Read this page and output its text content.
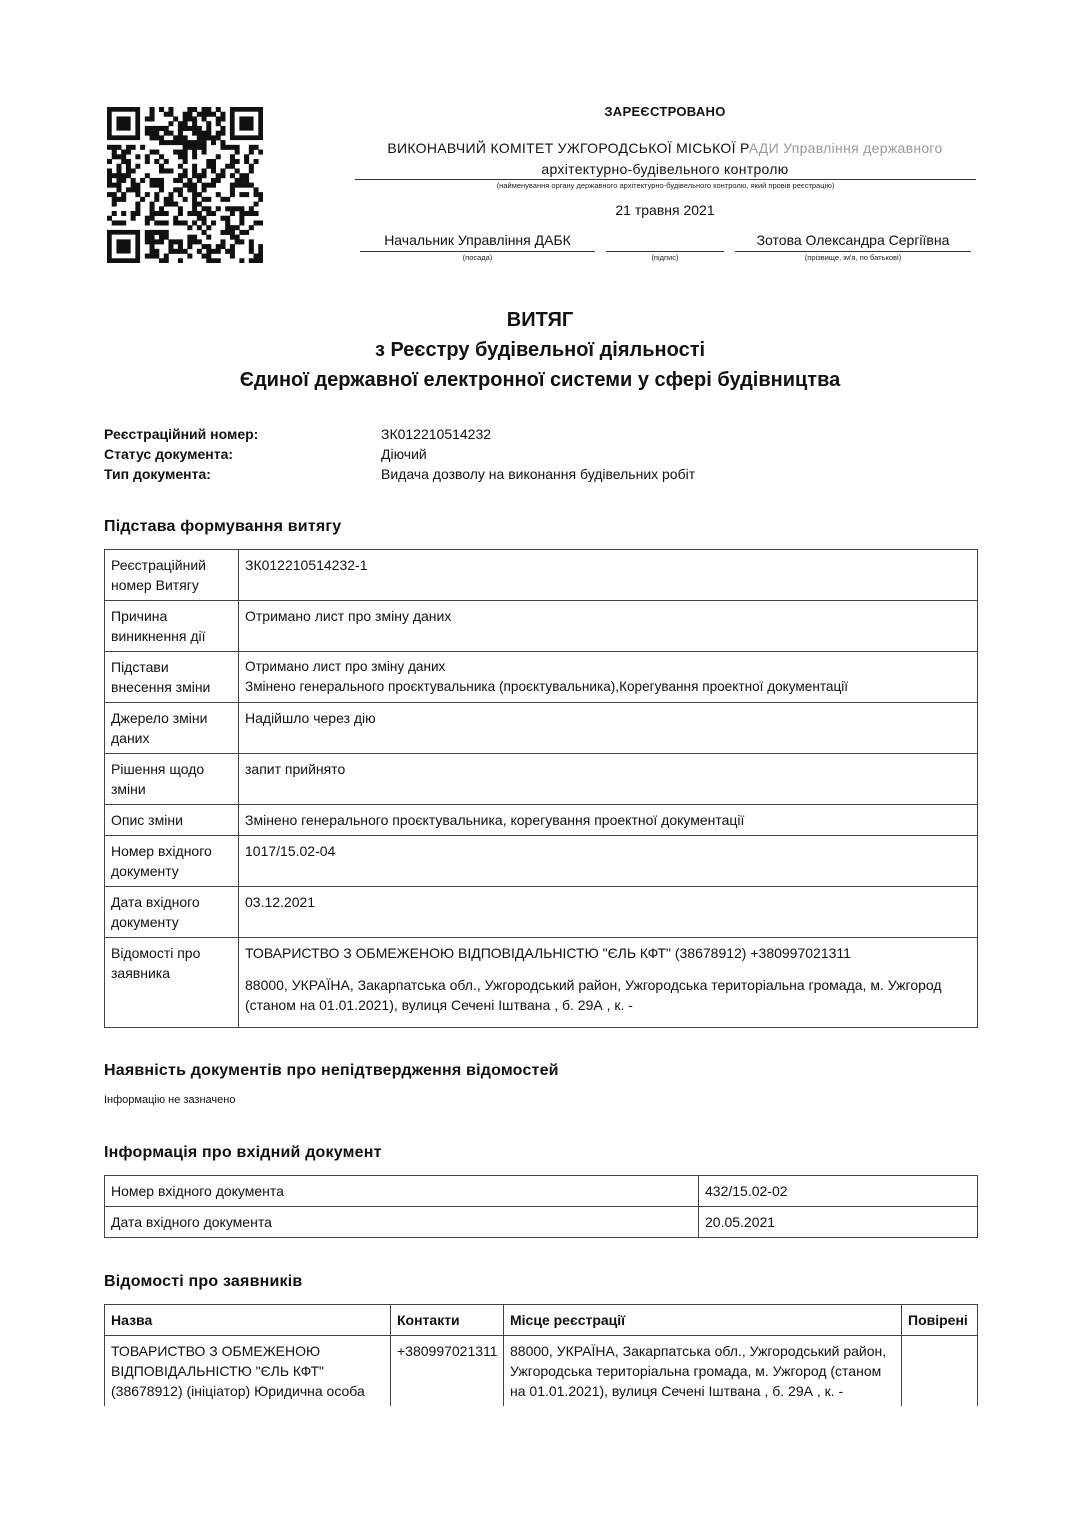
ЗАРЕЄСТРОВАНО
ВИКОНАВЧИЙ КОМІТЕТ УЖГОРОДСЬКОЇ МІСЬКОЇ РАДИ Управління державного
архітектурно-будівельного контролю
(найменування органу державного архітектурно-будівельного контролю, який провів реєстрацію)
21 травня 2021
Начальник Управління ДАБК
(посада)	(підпис)
Зотова Олександра Сергіївна
(прізвище, ім'я, по батькові)
ВИТЯГ
з Реєстру будівельної діяльності
Єдиної державної електронної системи у сфері будівництва
Реєстраційний номер:	ЗК012210514232
Статус документа:	Діючий
Тип документа:	Видача дозволу на виконання будівельних робіт
Підстава формування витягу
Реєстраційний номер Витягу	ЗК012210514232-1
Причина виникнення дії	Отримано лист про зміну даних
Підстави внесення зміни	Отримано лист про зміну даних
Змінено генерального проєктувальника (проєктувальника),Корегування проектної документації

Джерело зміни даних	Надійшло через дію
Рішення щодо зміни	запит прийнято
Опис зміни	Змінено генерального проєктувальника, корегування проектної документації
Номер вхідного документу	1017/15.02-04
Дата вхідного документу	03.12.2021
Відомості про заявника	ТОВАРИСТВО З ОБМЕЖЕНОЮ ВІДПОВІДАЛЬНІСТЮ "ЄЛЬ КФТ" (38678912) +380997021311
88000, УКРАЇНА, Закарпатська обл., Ужгородський район, Ужгородська територіальна громада, м. Ужгород (станом на 01.01.2021), вулиця Сечені Іштвана , б. 29А , к. -
Наявність документів про непідтвердження відомостей
Інформацію не зазначено
Інформація про вхідний документ
Номер вхідного документа	432/15.02-02
Дата вхідного документа	20.05.2021
Відомості про заявників
Назва	Контакти	Місце реєстрації	Повірені
ТОВАРИСТВО З ОБМЕЖЕНОЮ ВІДПОВІДАЛЬНІСТЮ "ЄЛЬ КФТ" (38678912) (ініціатор) Юридична особа	+380997021311	88000, УКРАЇНА, Закарпатська обл., Ужгородський район, Ужгородська територіальна громада, м. Ужгород (станом на 01.01.2021), вулиця Сечені Іштвана , б. 29А , к. -	
